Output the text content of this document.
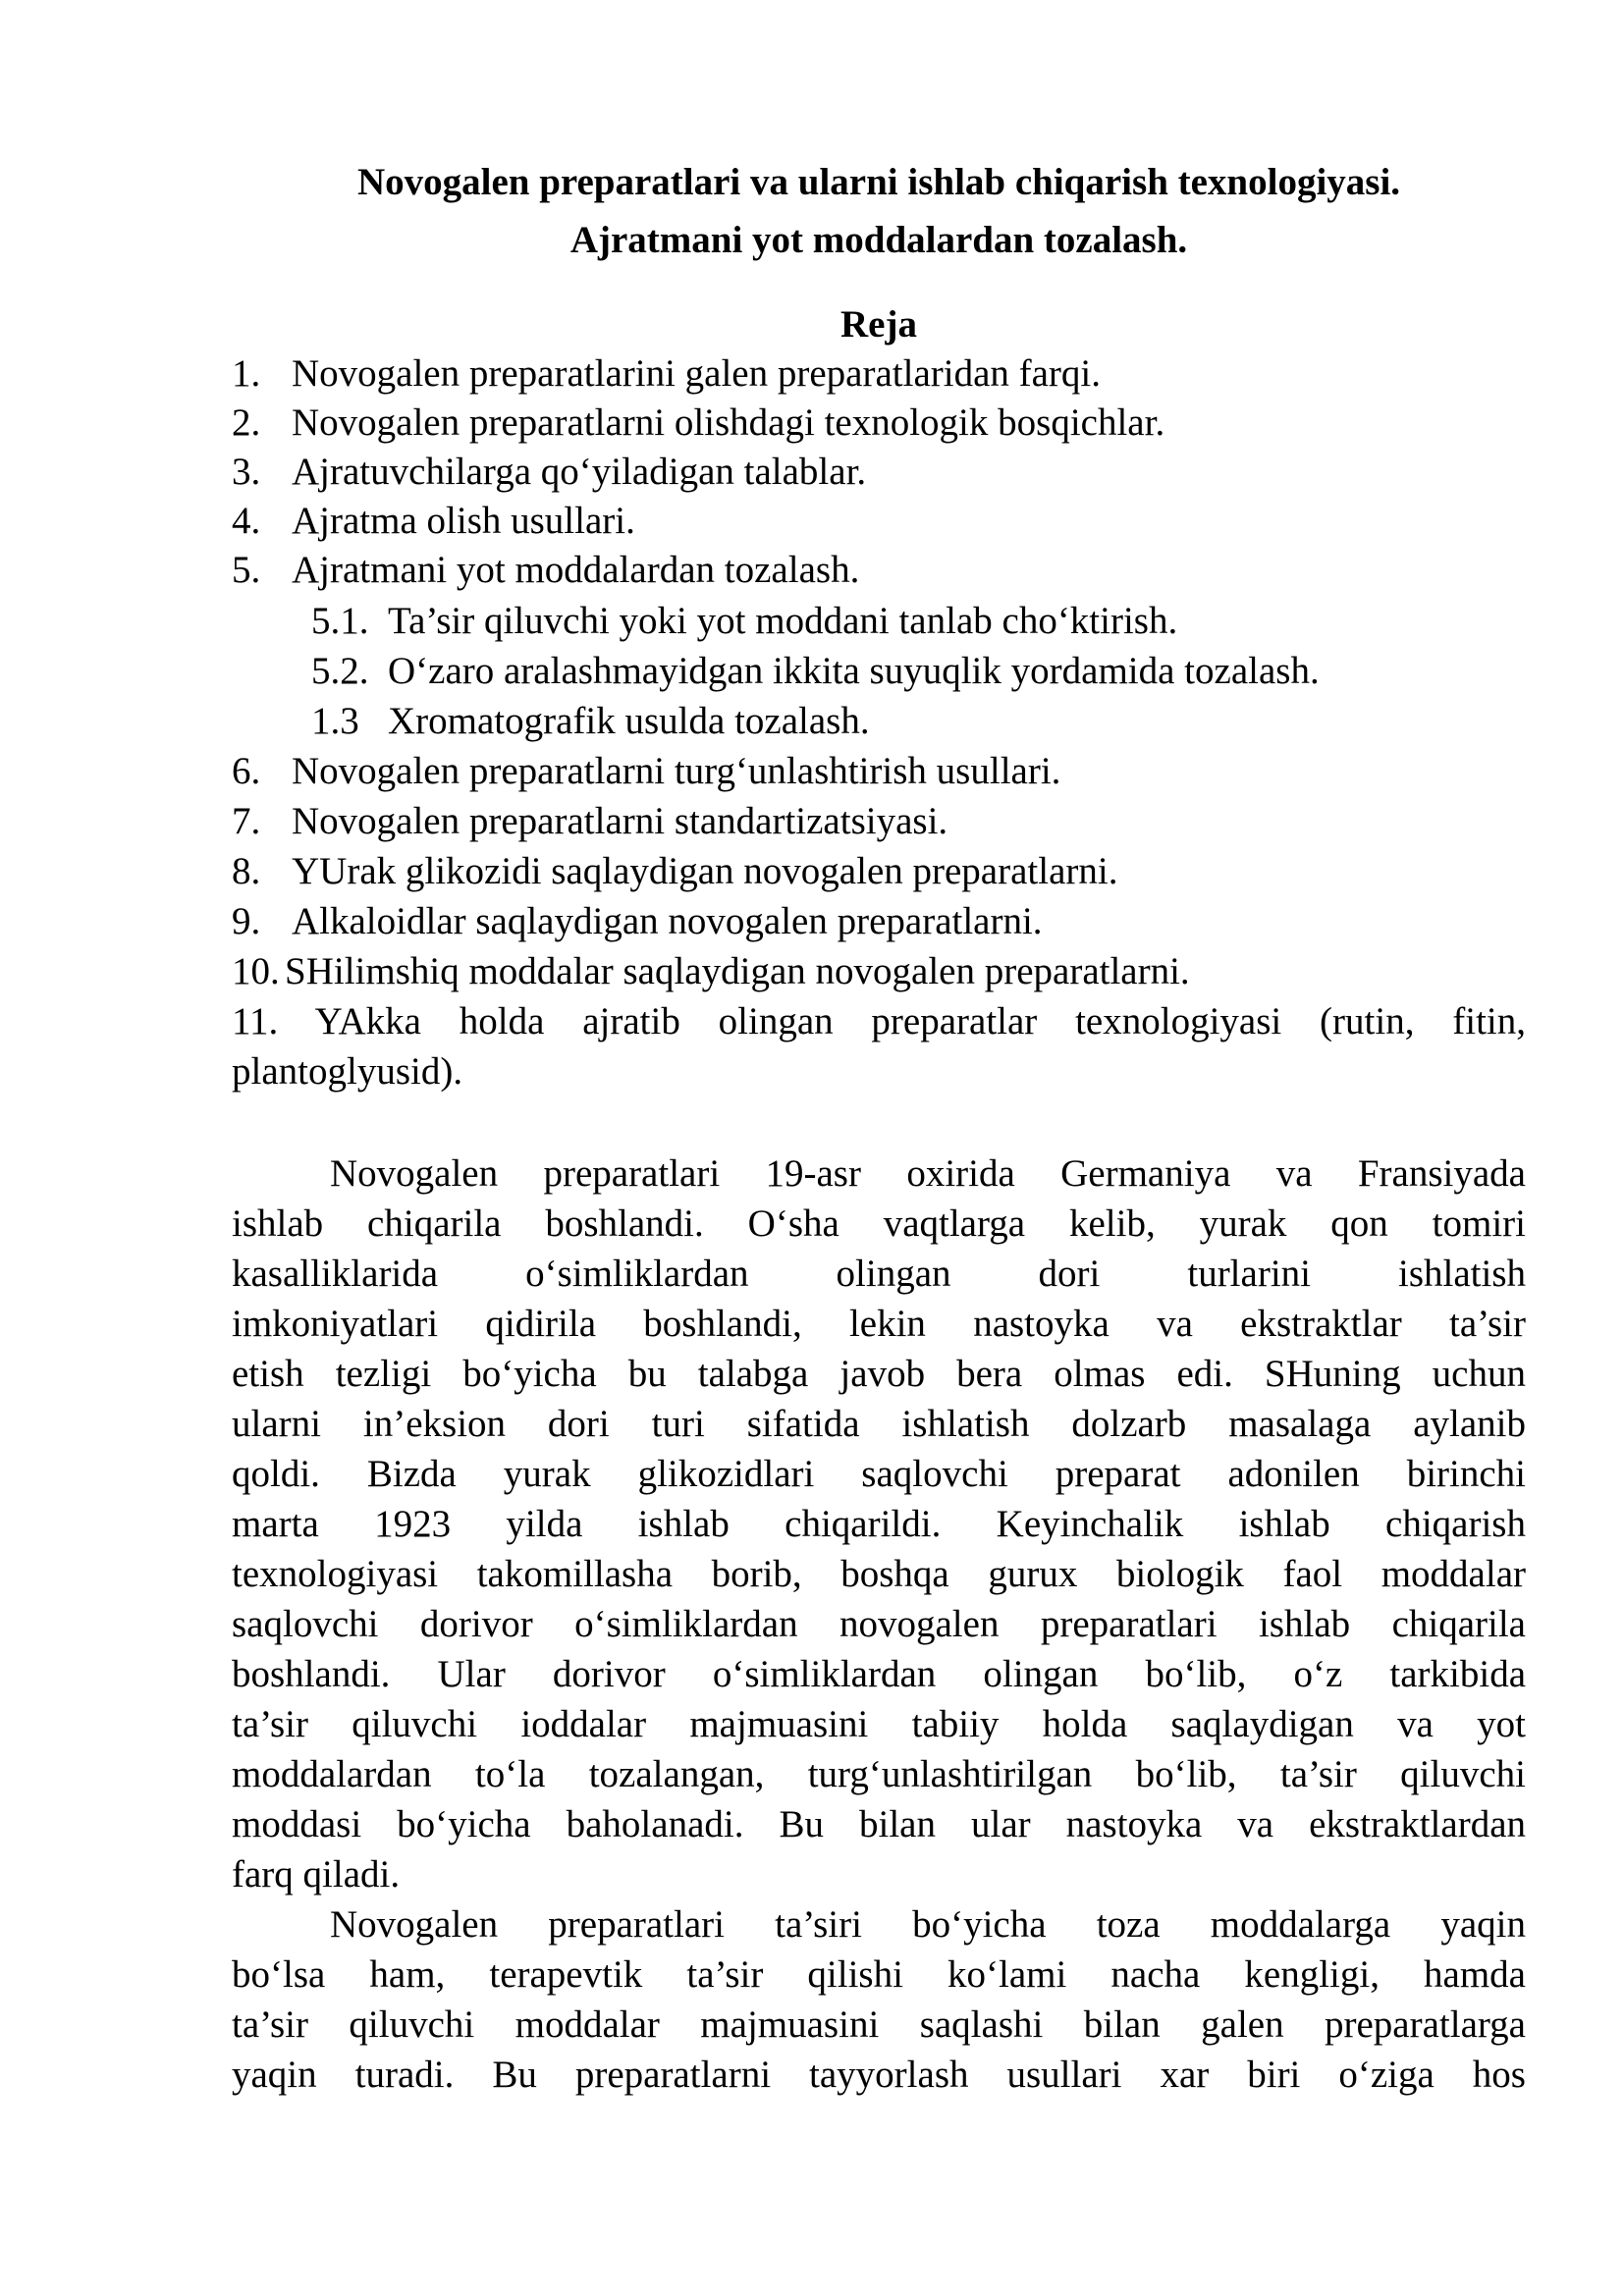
Novogalen preparatlari va ularni ishlab chiqarish texnologiyasi.
Ajratmani yot moddalardan tozalash.
Reja
1. Novogalen preparatlarini galen preparatlaridan farqi.
2. Novogalen preparatlarni olishdagi texnologik bosqichlar.
3. Ajratuvchilarga qo‘yiladigan talablar.
4. Ajratma olish usullari.
5. Ajratmani yot moddalardan tozalash.
5.1. Ta’sir qiluvchi yoki yot moddani tanlab cho‘ktirish.
5.2. O‘zaro aralashmayidgan ikkita suyuqlik yordamida tozalash.
1.3 Xromatografik usulda tozalash.
6. Novogalen preparatlarni turg‘unlashtirish usullari.
7. Novogalen preparatlarni standartizatsiyasi.
8. YUrak glikozidi saqlaydigan novogalen preparatlarni.
9. Alkaloidlar saqlaydigan novogalen preparatlarni.
10. SHilimshiq moddalar saqlaydigan novogalen preparatlarni.
11. YAkka holda ajratib olingan preparatlar texnologiyasi (rutin, fitin,
plantoglyusid).
Novogalen preparatlari 19-asr oxirida Germaniya va Fransiyada
ishlab chiqarila boshlandi. O‘sha vaqtlarga kelib, yurak qon tomiri
kasalliklarida o‘simliklardan olingan dori turlarini ishlatish
imkoniyatlari qidirila boshlandi, lekin nastoyka va ekstraktlar ta’sir
etish tezligi bo‘yicha bu talabga javob bera olmas edi. SHuning uchun
ularni in’eksion dori turi sifatida ishlatish dolzarb masalaga aylanib
qoldi. Bizda yurak glikozidlari saqlovchi preparat adonilen birinchi
marta 1923 yilda ishlab chiqarildi. Keyinchalik ishlab chiqarish
texnologiyasi takomillasha borib, boshqa gurux biologik faol moddalar
saqlovchi dorivor o‘simliklardan novogalen preparatlari ishlab chiqarila
boshlandi. Ular dorivor o‘simliklardan olingan bo‘lib, o‘z tarkibida
ta’sir qiluvchi ioddalar majmuasini tabiiy holda saqlaydigan va yot
moddalardan to‘la tozalangan, turg‘unlashtirilgan bo‘lib, ta’sir qiluvchi
moddasi bo‘yicha baholanadi. Bu bilan ular nastoyka va ekstraktlardan
farq qiladi.
Novogalen preparatlari ta’siri bo‘yicha toza moddalarga yaqin
bo‘lsa ham, terapevtik ta’sir qilishi ko‘lami nacha kengligi, hamda
ta’sir qiluvchi moddalar majmuasini saqlashi bilan galen preparatlarga
yaqin turadi. Bu preparatlarni tayyorlash usullari xar biri o‘ziga hos
